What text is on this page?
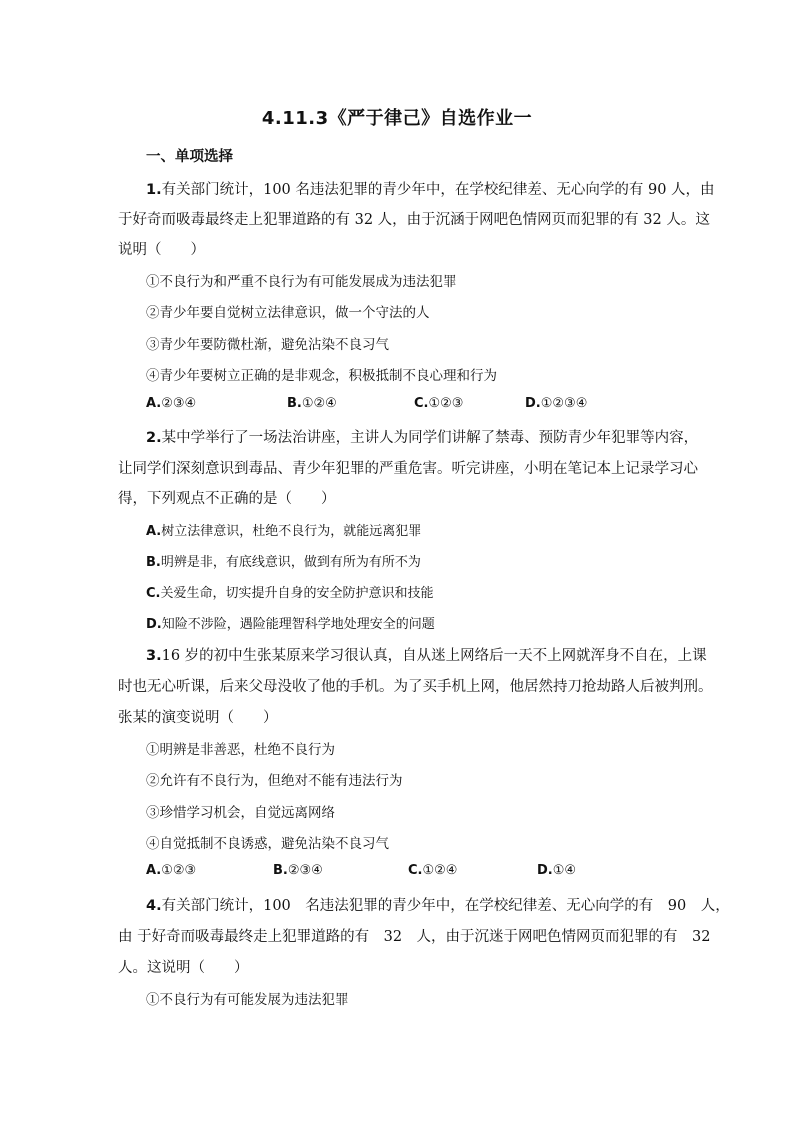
4.11.3《严于律己》自选作业一
一、单项选择
1.有关部门统计，100 名违法犯罪的青少年中，在学校纪律差、无心向学的有 90 人，由
于好奇而吸毒最终走上犯罪道路的有 32 人，由于沉涵于网吧色情网页而犯罪的有 32 人。这
说明（　　）
①不良行为和严重不良行为有可能发展成为违法犯罪
②青少年要自觉树立法律意识，做一个守法的人
③青少年要防微杜渐，避免沾染不良习气
④青少年要树立正确的是非观念，积极抵制不良心理和行为
A.②③④	B.①②④	C.①②③	D.①②③④
2.某中学举行了一场法治讲座，主讲人为同学们讲解了禁毒、预防青少年犯罪等内容，
让同学们深刻意识到毒品、青少年犯罪的严重危害。听完讲座，小明在笔记本上记录学习心
得，下列观点不正确的是（　　）
A.树立法律意识，杜绝不良行为，就能远离犯罪
B.明辨是非，有底线意识，做到有所为有所不为
C.关爱生命，切实提升自身的安全防护意识和技能
D.知险不涉险，遇险能理智科学地处理安全的问题
3.16 岁的初中生张某原来学习很认真，自从迷上网络后一天不上网就浑身不自在，上课
时也无心听课，后来父母没收了他的手机。为了买手机上网，他居然持刀抢劫路人后被判刑。
张某的演变说明（　　）
①明辨是非善恶，杜绝不良行为
②允许有不良行为，但绝对不能有违法行为
③珍惜学习机会，自觉远离网络
④自觉抵制不良诱惑，避免沾染不良习气
A.①②③	B.②③④	C.①②④	D.①④
4.有关部门统计，100　名违法犯罪的青少年中，在学校纪律差、无心向学的有　90　人，
由 于好奇而吸毒最终走上犯罪道路的有　32　人，由于沉迷于网吧色情网页而犯罪的有　32
人。这说明（　　）
①不良行为有可能发展为违法犯罪
